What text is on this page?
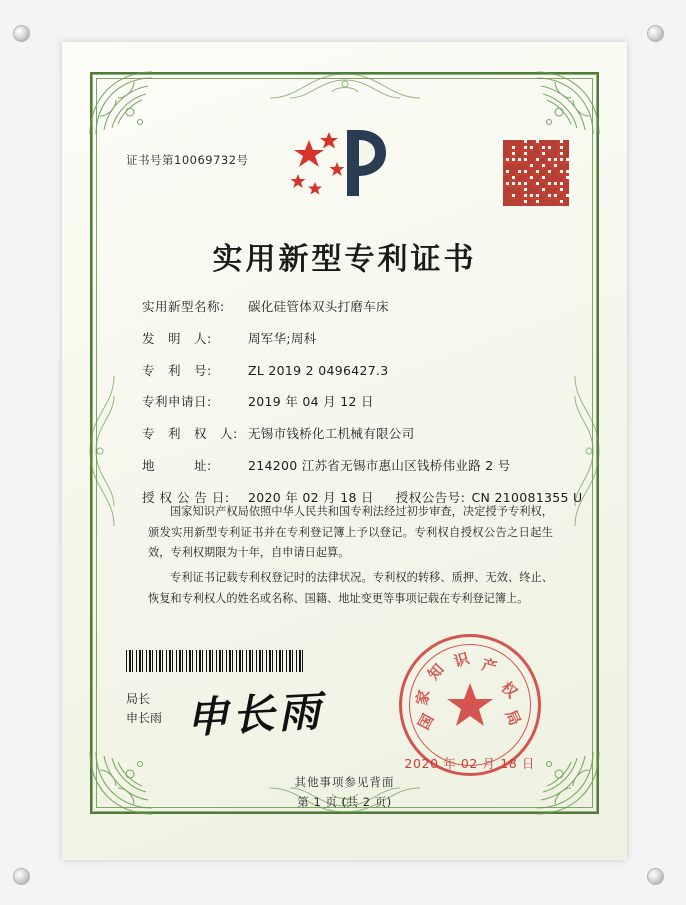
证书号第10069732号
实用新型专利证书
实用新型名称:	碳化硅管体双头打磨车床
发　明　人:	周军华;周科
专　利　号:	ZL 2019 2 0496427.3
专利申请日:	2019 年 04 月 12 日
专　利　权　人: 无锡市钱桥化工机械有限公司
地　　　址:	214200 江苏省无锡市惠山区钱桥伟业路 2 号
授 权 公 告 日:	2020 年 02 月 18 日 授权公告号: CN 210081355 U

国家知识产权局依照中华人民共和国专利法经过初步审查，决定授予专利权，颁发实用新型专利证书并在专利登记簿上予以登记。专利权自授权公告之日起生效，专利权期限为十年，自申请日起算。

专利证书记载专利权登记时的法律状况。专利权的转移、质押、无效、终止、恢复和专利权人的姓名或名称、国籍、地址变更等事项记载在专利登记簿上。

局长
申长雨 申长雨	国
家
知
识 产
权
局
2020 年 02 月 18 日
第 1 页 (共 2 页)
其他事项参见背面
